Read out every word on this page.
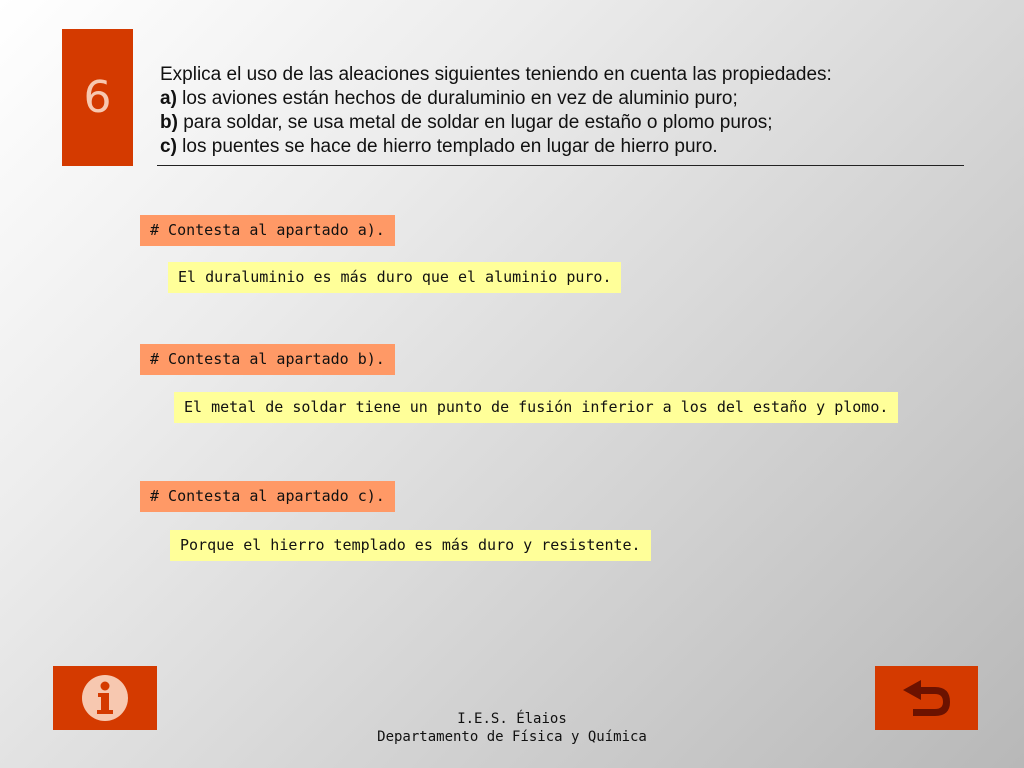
6	Explica el uso de las aleaciones siguientes teniendo en cuenta las propiedades:
a) los aviones están hechos de duraluminio en vez de aluminio puro;
b) para soldar, se usa metal de soldar en lugar de estaño o plomo puros;
c) los puentes se hace de hierro templado en lugar de hierro puro.
# Contesta al apartado a).
El duraluminio es más duro que el aluminio puro.
# Contesta al apartado b).
El metal de soldar tiene un punto de fusión inferior a los del estaño y plomo.
# Contesta al apartado c).
Porque el hierro templado es más duro y resistente.
I.E.S. Élaios
Departamento de Física y Química
